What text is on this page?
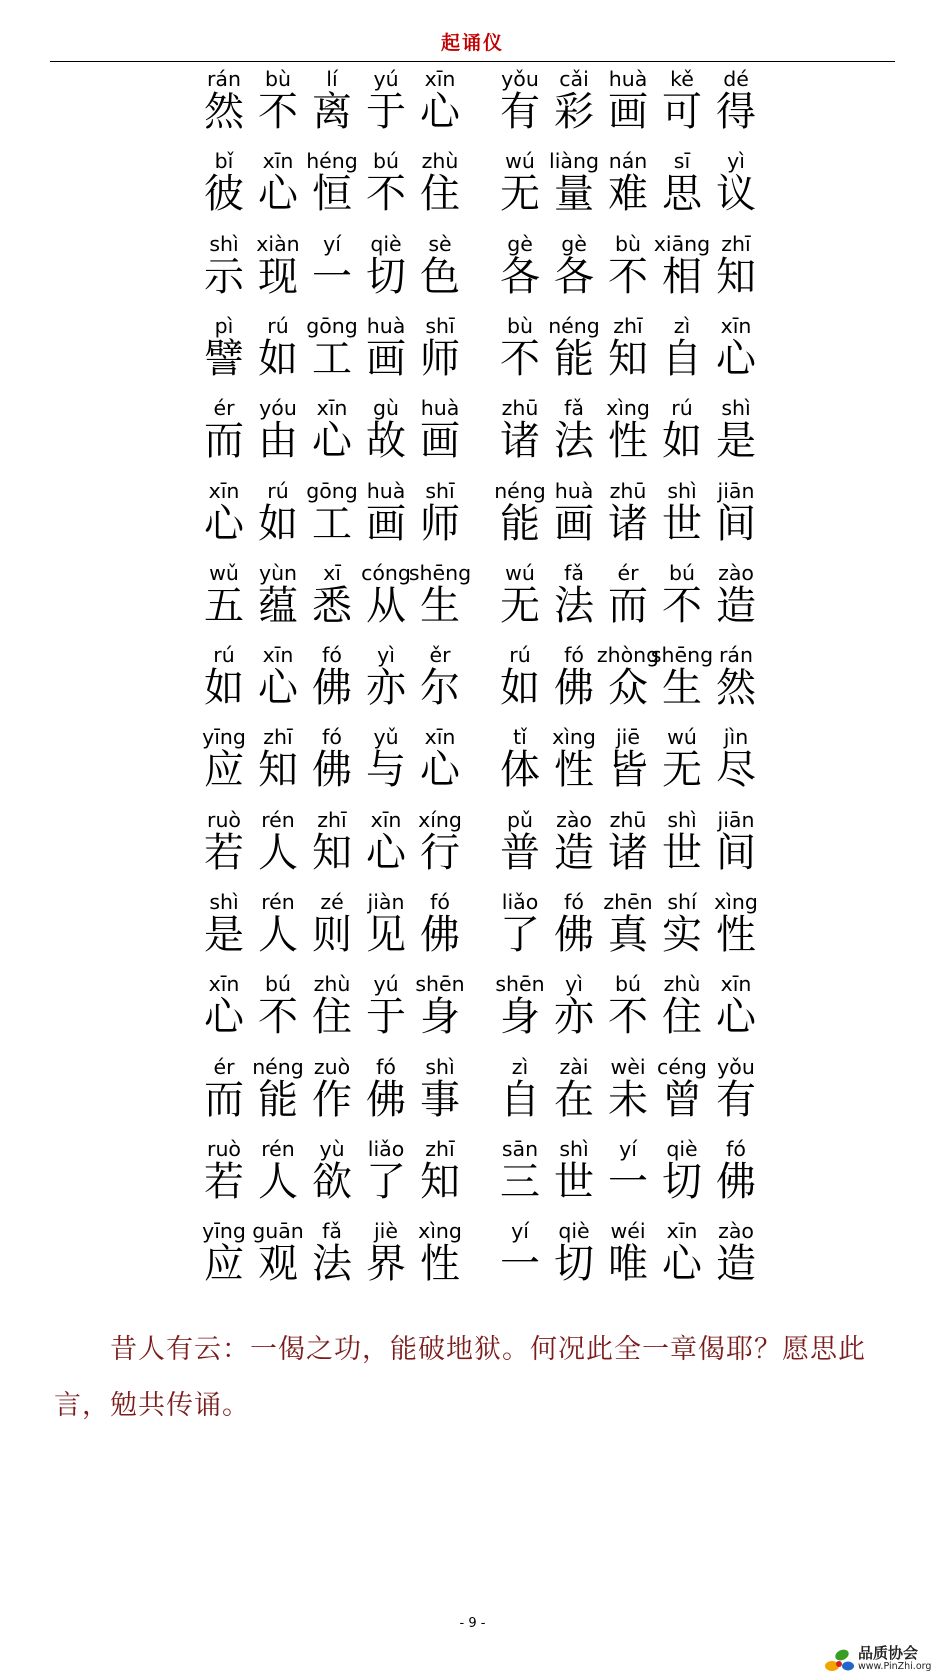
起诵仪
rán
然
bù
不
lí
离
yú
于
xīn
心
yǒu
有
cǎi
彩
huà
画
kě
可
dé
得
bǐ
彼
xīn
心
héng
恒
bú
不
zhù
住
wú
无
liàng
量
nán
难
sī
思
yì
议
shì
示
xiàn
现
yí
一
qiè
切
sè
色
gè
各
gè
各
bù
不
xiāng
相
zhī
知
pì
譬
rú
如
gōng
工
huà
画
shī
师
bù
不
néng
能
zhī
知
zì
自
xīn
心
ér
而
yóu
由
xīn
心
gù
故
huà
画
zhū
诸
fǎ
法
xìng
性
rú
如
shì
是
xīn
心
rú
如
gōng
工
huà
画
shī
师
néng
能
huà
画
zhū
诸
shì
世
jiān
间
wǔ
五
yùn
蕴
xī
悉
cóng
从
shēng
生
wú
无
fǎ
法
ér
而
bú
不
zào
造
rú
如
xīn
心
fó
佛
yì
亦
ěr
尔
rú
如
fó
佛
zhòng
众
shēng
生
rán
然
yīng
应
zhī
知
fó
佛
yǔ
与
xīn
心
tǐ
体
xìng
性
jiē
皆
wú
无
jìn
尽
ruò
若
rén
人
zhī
知
xīn
心
xíng
行
pǔ
普
zào
造
zhū
诸
shì
世
jiān
间
shì
是
rén
人
zé
则
jiàn
见
fó
佛
liǎo
了
fó
佛
zhēn
真
shí
实
xìng
性
xīn
心
bú
不
zhù
住
yú
于
shēn
身
shēn
身
yì
亦
bú
不
zhù
住
xīn
心
ér
而
néng
能
zuò
作
fó
佛
shì
事
zì
自
zài
在
wèi
未
céng
曾
yǒu
有
ruò
若
rén
人
yù
欲
liǎo
了
zhī
知
sān
三
shì
世
yí
一
qiè
切
fó
佛
yīng
应
guān
观
fǎ
法
jiè
界
xìng
性
yí
一
qiè
切
wéi
唯
xīn
心
zào
造
昔人有云：一偈之功，能破地狱。何况此全一章偈耶？愿思此言，勉共传诵。
- 9 -
品质协会
www.PinZhi.org
